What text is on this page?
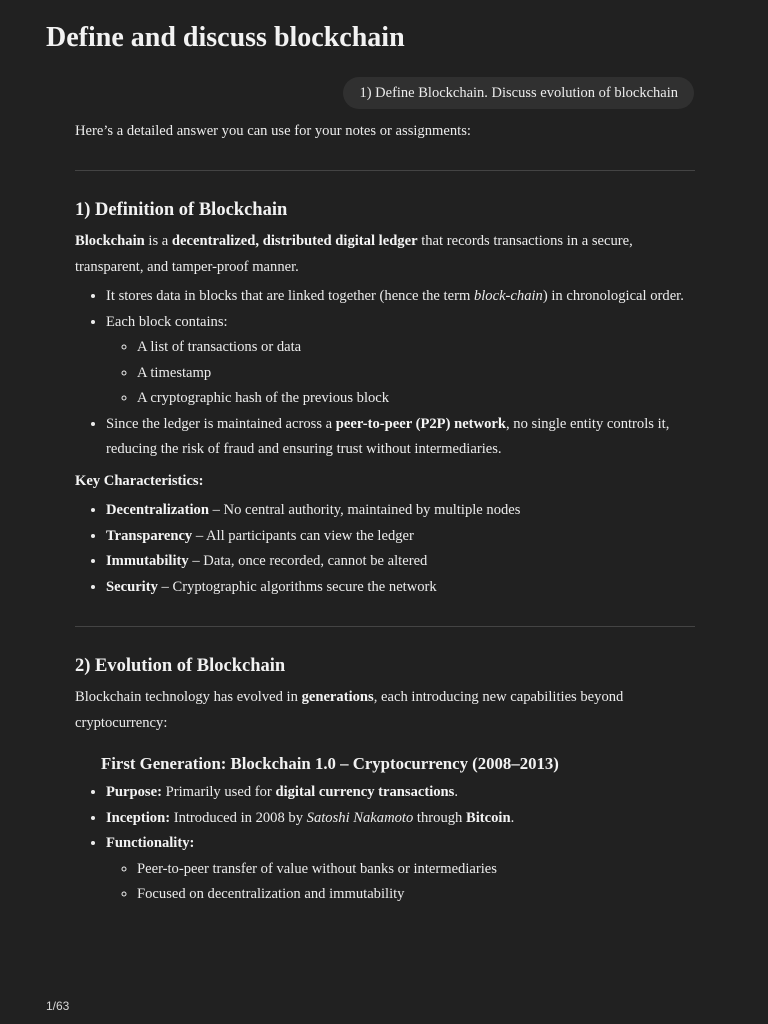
Define and discuss blockchain
1) Define Blockchain. Discuss evolution of blockchain

Here’s a detailed answer you can use for your notes or assignments:

1) Definition of Blockchain

Blockchain is a decentralized, distributed digital ledger that records transactions in a secure, transparent, and tamper-proof manner.

• It stores data in blocks that are linked together (hence the term block-chain) in chronological order.
• Each block contains:
◦ A list of transactions or data
◦ A timestamp
◦ A cryptographic hash of the previous block
• Since the ledger is maintained across a peer-to-peer (P2P) network, no single entity controls it, reducing the risk of fraud and ensuring trust without intermediaries.

Key Characteristics:

• Decentralization – No central authority, maintained by multiple nodes
• Transparency – All participants can view the ledger
• Immutability – Data, once recorded, cannot be altered
• Security – Cryptographic algorithms secure the network
2) Evolution of Blockchain

Blockchain technology has evolved in generations, each introducing new capabilities beyond cryptocurrency:

First Generation: Blockchain 1.0 – Cryptocurrency (2008–2013)
• Purpose: Primarily used for digital currency transactions.
• Inception: Introduced in 2008 by Satoshi Nakamoto through Bitcoin.
• Functionality:
◦ Peer-to-peer transfer of value without banks or intermediaries
◦ Focused on decentralization and immutability
1/63
